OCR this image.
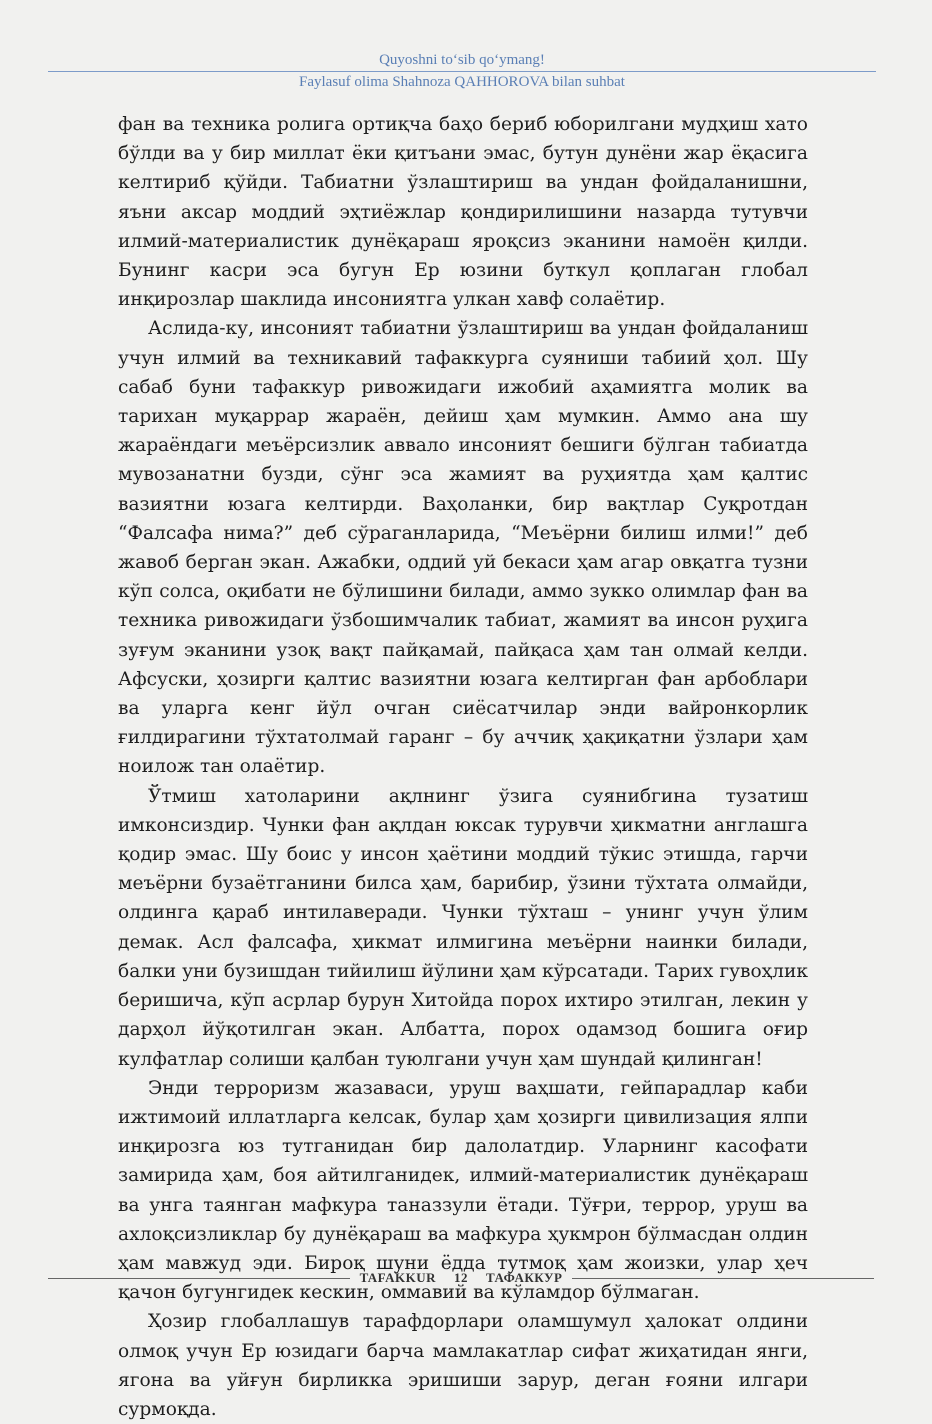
Quyoshni to‘sib qo‘ymang!
Faylasuf olima Shahnoza QAHHOROVA bilan suhbat

фан ва техника ролига ортиқча баҳо бериб юборилгани мудҳиш хато бўлди ва у бир миллат ёки қитъани эмас, бутун дунёни жар ёқасига келтириб қўйди. Табиатни ўзлаштириш ва ундан фойдаланишни, яъни аксар моддий эҳтиёжлар қондирилишини назарда тутувчи илмий-материалистик дунёқараш яроқсиз эканини намоён қилди. Бунинг касри эса бугун Ер юзини буткул қоплаган глобал инқирозлар шаклида инсониятга улкан хавф солаётир.

Аслида-ку, инсоният табиатни ўзлаштириш ва ундан фойдаланиш учун илмий ва техникавий тафаккурга суяниши табиий ҳол. Шу сабаб буни тафаккур ривожидаги ижобий аҳамиятга молик ва тарихан муқаррар жараён, дейиш ҳам мумкин. Аммо ана шу жараёндаги меъёрсизлик аввало инсоният бешиги бўлган табиатда мувозанатни бузди, сўнг эса жамият ва руҳиятда ҳам қалтис вазиятни юзага келтирди. Ваҳоланки, бир вақтлар Суқротдан “Фалсафа нима?” деб сўраганларида, “Меъёрни билиш илми!” деб жавоб берган экан. Ажабки, оддий уй бекаси ҳам агар овқатга тузни кўп солса, оқибати не бўлишини билади, аммо зукко олимлар фан ва техника ривожидаги ўзбошимчалик табиат, жамият ва инсон руҳига зуғум эканини узоқ вақт пайқамай, пайқаса ҳам тан олмай келди. Афсуски, ҳозирги қалтис вазиятни юзага келтирган фан арбоблари ва уларга кенг йўл очган сиёсатчилар энди вайронкорлик ғилдирагини тўхтатолмай гаранг – бу аччиқ ҳақиқатни ўзлари ҳам ноилож тан олаётир.

Ўтмиш хатоларини ақлнинг ўзига суянибгина тузатиш имконсиздир. Чунки фан ақлдан юксак турувчи ҳикматни англашга қодир эмас. Шу боис у инсон ҳаётини моддий тўкис этишда, гарчи меъёрни бузаётганини билса ҳам, барибир, ўзини тўхтата олмайди, олдинга қараб интилаверади. Чунки тўхташ – унинг учун ўлим демак. Асл фалсафа, ҳикмат илмигина меъёрни наинки билади, балки уни бузишдан тийилиш йўлини ҳам кўрсатади. Тарих гувоҳлик беришича, кўп асрлар бурун Хитойда порох ихтиро этилган, лекин у дарҳол йўқотилган экан. Албатта, порох одамзод бошига оғир кулфатлар солиши қалбан туюлгани учун ҳам шундай қилинган!

Энди терроризм жазаваси, уруш ваҳшати, гейпарадлар каби ижтимоий иллатларга келсак, булар ҳам ҳозирги цивилизация ялпи инқирозга юз тутганидан бир далолатдир. Уларнинг касофати замирида ҳам, боя айтилганидек, илмий-материалистик дунёқараш ва унга таянган мафкура таназзули ётади. Тўғри, террор, уруш ва ахлоқсизликлар бу дунёқараш ва мафкура ҳукмрон бўлмасдан олдин ҳам мавжуд эди. Бироқ шуни ёдда тутмоқ ҳам жоизки, улар ҳеч қачон бугунгидек кескин, оммавий ва кўламдор бўлмаган.

Ҳозир глобаллашув тарафдорлари оламшумул ҳалокат олдини олмоқ учун Ер юзидаги барча мамлакатлар сифат жиҳатидан янги, ягона ва уйғун бирликка эришиши зарур, деган ғояни илгари сурмоқда.

TAFAKKUR	12	ТАФАККУР
